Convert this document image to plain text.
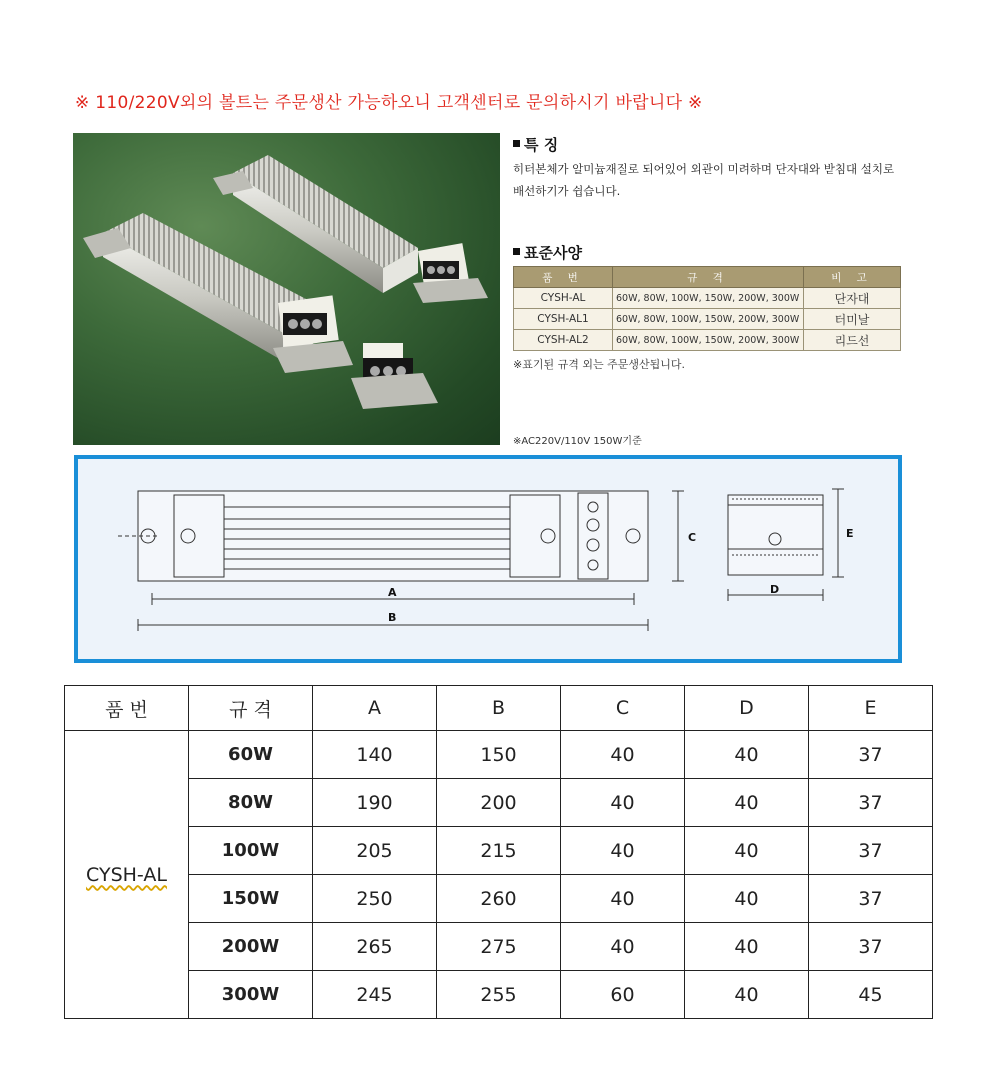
※ 110/220V외의 볼트는 주문생산 가능하오니 고객센터로 문의하시기 바랍니다 ※
특 징
히터본체가 알미늄재질로 되어있어 외관이 미려하며 단자대와 받침대 설치로 배선하기가 쉽습니다.
표준사양
품 번	규 격	비 고
CYSH-AL	60W, 80W, 100W, 150W, 200W, 300W	단자대
CYSH-AL1	60W, 80W, 100W, 150W, 200W, 300W	터미날
CYSH-AL2	60W, 80W, 100W, 150W, 200W, 300W	리드선
※표기된 규격 외는 주문생산됩니다.
※AC220V/110V 150W기준
A
B
C
D
E
품 번	규 격	A	B	C	D	E
CYSH-AL	60W	140	150	40	40	37
	80W	190	200	40	40	37
	100W	205	215	40	40	37
	150W	250	260	40	40	37
	200W	265	275	40	40	37
	300W	245	255	60	40	45
